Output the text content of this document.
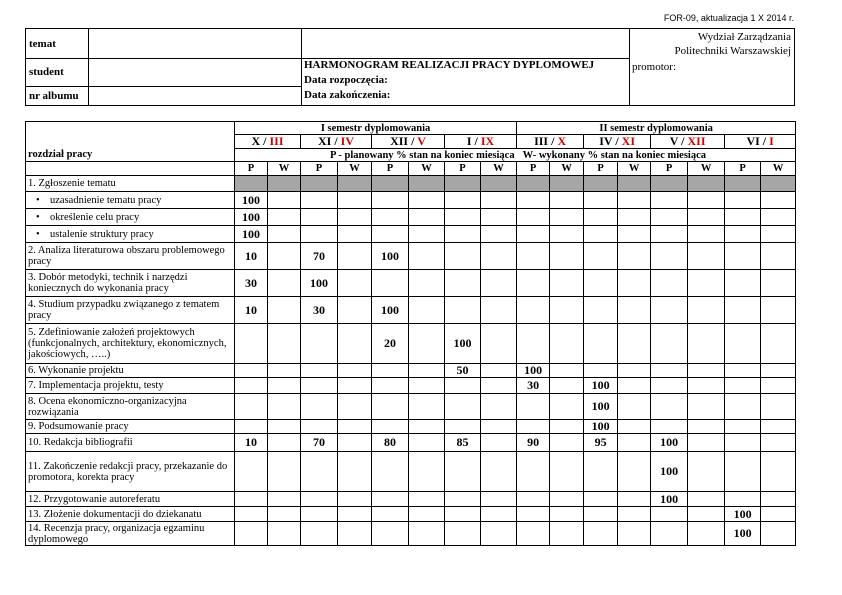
FOR-09, aktualizacja 1 X 2014 r.
temat
student
nr albumu
HARMONOGRAM REALIZACJI PRACY DYPLOMOWEJ
Data rozpoczęcia:
Data zakończenia:
Wydział Zarządzania
Politechniki Warszawskiej
promotor:
rozdział pracy	I semestr dyplomowania								II semestr dyplomowania							
	X / III		XI / IV		XII / V		I / IX		III / X		IV / XI		V / XII		VI / I	
	P - planowany % stan na koniec miesiąca								W- wykonany % stan na koniec miesiąca							
	P	W	P	W	P	W	P	W	P	W	P	W	P	W	P	W
1. Zgłoszenie tematu																
• uzasadnienie tematu pracy	100															
• określenie celu pracy	100															
• ustalenie struktury pracy	100															
2. Analiza literaturowa obszaru problemowego pracy	10		70		100											
3. Dobór metodyki, technik i narzędzi koniecznych do wykonania pracy	30		100													
4. Studium przypadku związanego z tematem pracy	10		30		100											
5. Zdefiniowanie założeń projektowych (funkcjonalnych, architektury, ekonomicznych, jakościowych, …..)					20		100									
6. Wykonanie projektu							50		100							
7. Implementacja projektu, testy									30		100					
8. Ocena ekonomiczno-organizacyjna rozwiązania											100					
9. Podsumowanie pracy											100					
10. Redakcja bibliografii	10		70		80		85		90		95		100			
11. Zakończenie redakcji pracy, przekazanie do promotora, korekta pracy													100			
12. Przygotowanie autoreferatu													100			
13. Złożenie dokumentacji do dziekanatu															100	
14. Recenzja pracy, organizacja egzaminu dyplomowego															100	
